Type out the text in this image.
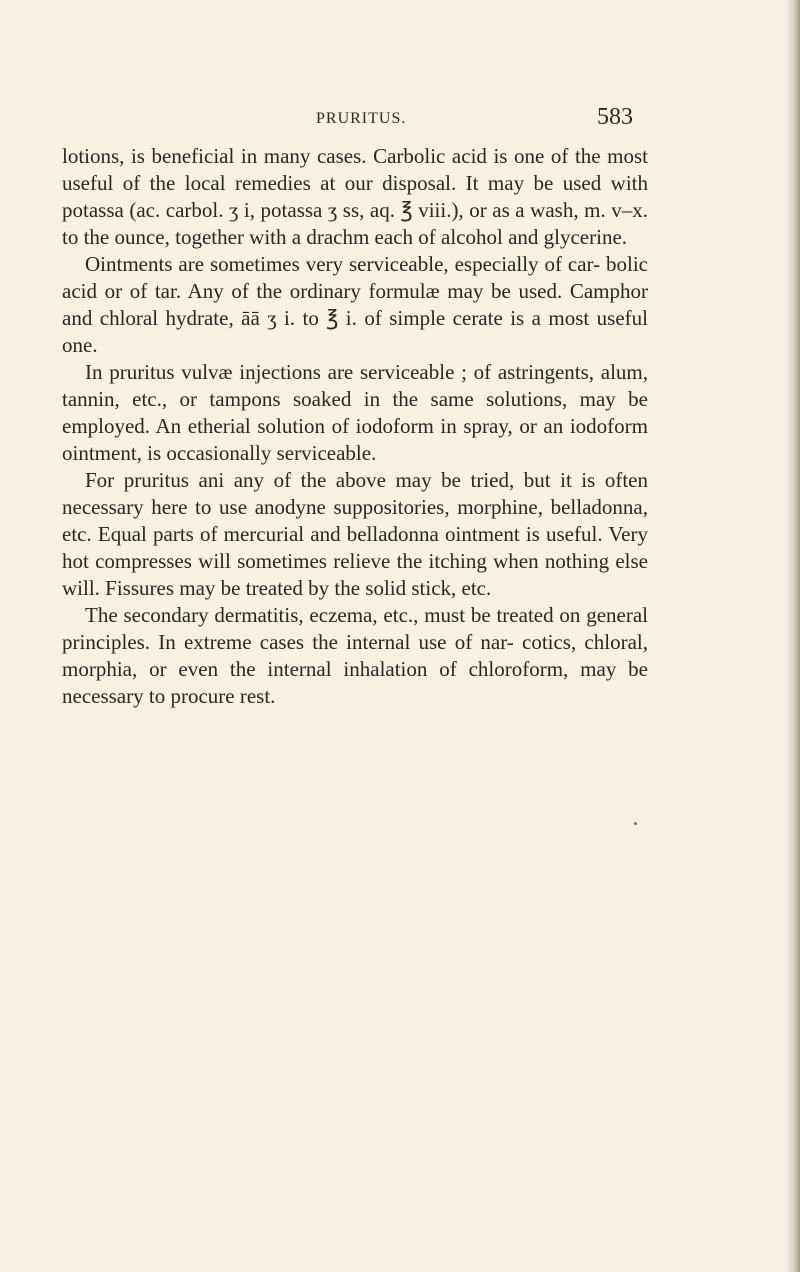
PRURITUS.	583

lotions, is beneficial in many cases. Carbolic acid is one of the most useful of the local remedies at our disposal. It may be used with potassa (ac. carbol. ʒ i, potassa ʒ ss, aq. ℥ viii.), or as a wash, m. v–x. to the ounce, together with a drachm each of alcohol and glycerine.

Ointments are sometimes very serviceable, especially of car- bolic acid or of tar. Any of the ordinary formulæ may be used. Camphor and chloral hydrate, āā ʒ i. to ℥ i. of simple cerate is a most useful one.

In pruritus vulvæ injections are serviceable ; of astringents, alum, tannin, etc., or tampons soaked in the same solutions, may be employed. An etherial solution of iodoform in spray, or an iodoform ointment, is occasionally serviceable.

For pruritus ani any of the above may be tried, but it is often necessary here to use anodyne suppositories, morphine, belladonna, etc. Equal parts of mercurial and belladonna ointment is useful. Very hot compresses will sometimes relieve the itching when nothing else will. Fissures may be treated by the solid stick, etc.

The secondary dermatitis, eczema, etc., must be treated on general principles. In extreme cases the internal use of nar- cotics, chloral, morphia, or even the internal inhalation of chloroform, may be necessary to procure rest.
